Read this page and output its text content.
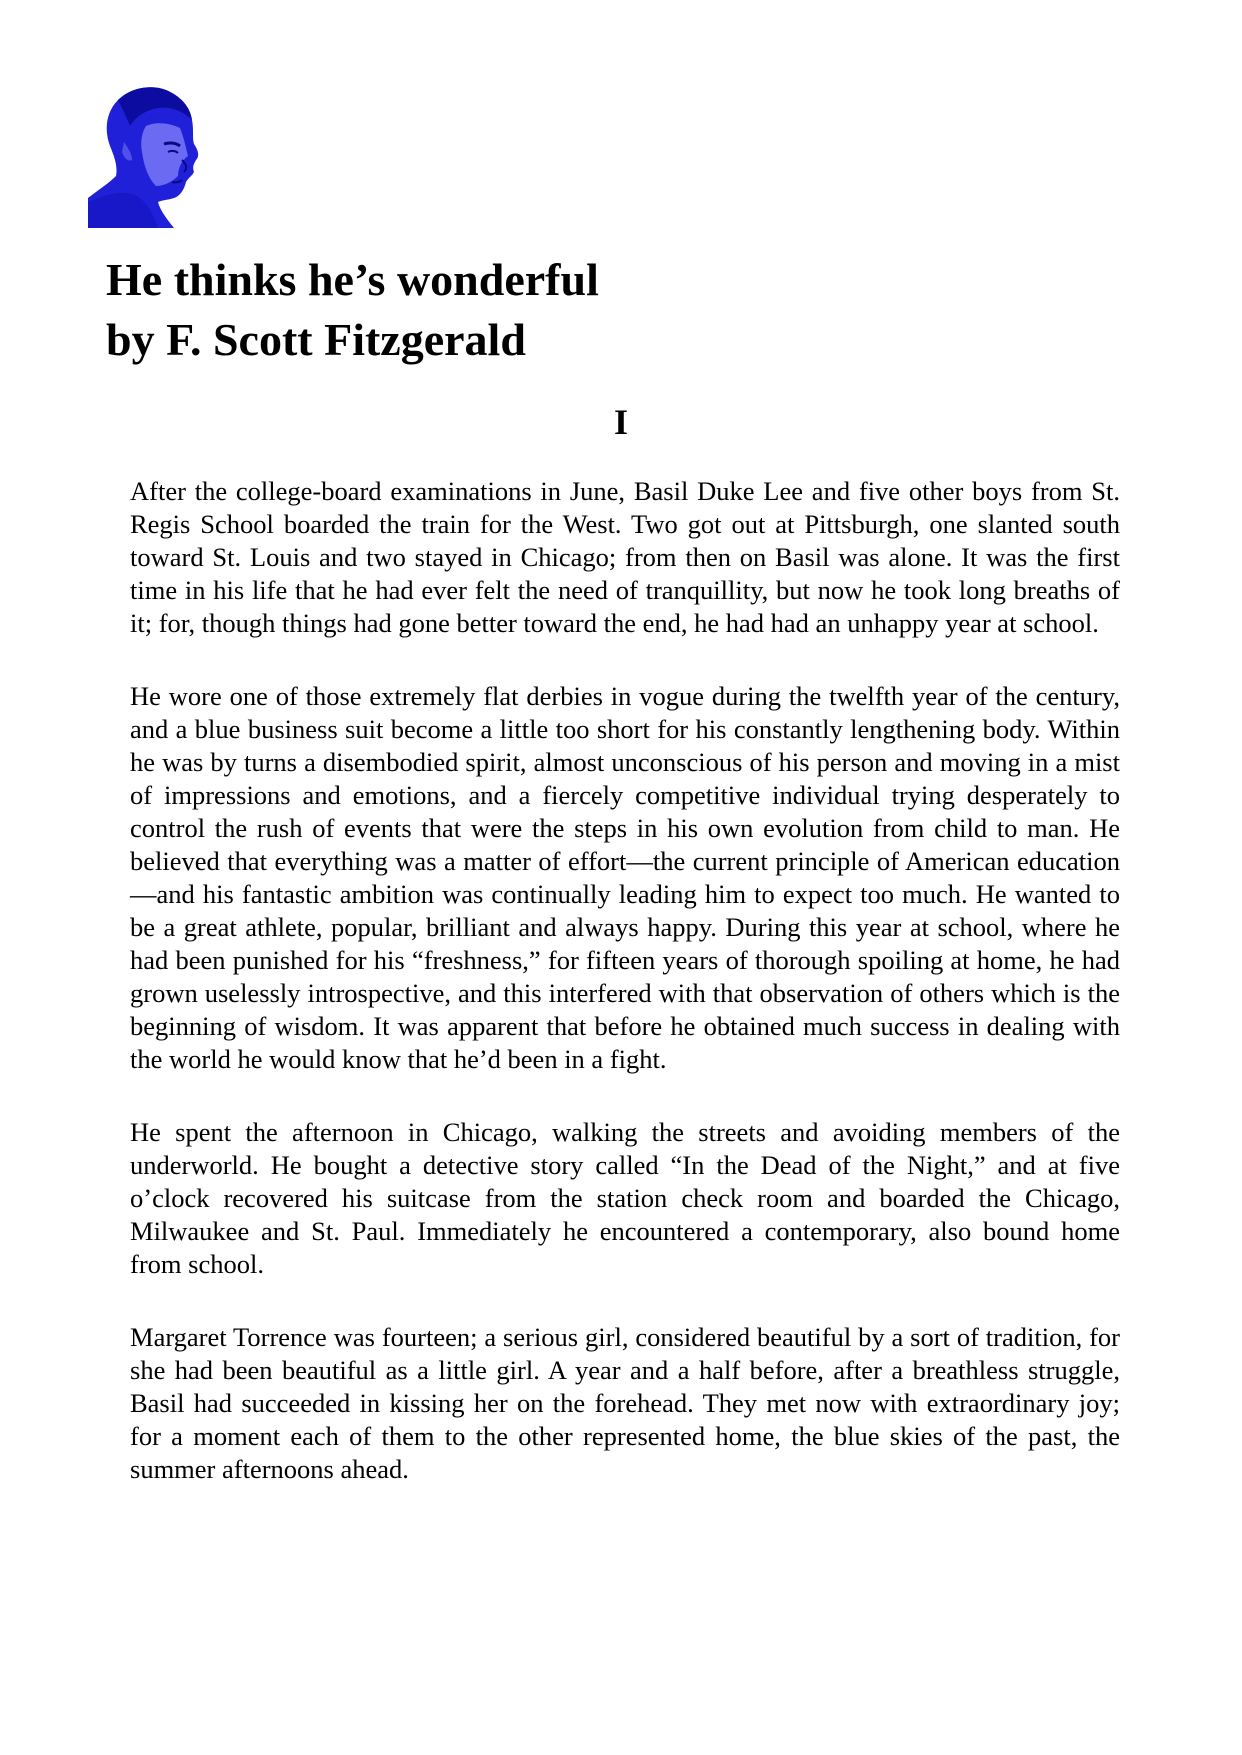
He thinks he’s wonderful
by F. Scott Fitzgerald
I

After the college-board examinations in June, Basil Duke Lee and five other boys from St. Regis School boarded the train for the West. Two got out at Pittsburgh, one slanted south toward St. Louis and two stayed in Chicago; from then on Basil was alone. It was the first time in his life that he had ever felt the need of tranquillity, but now he took long breaths of it; for, though things had gone better toward the end, he had had an unhappy year at school.

He wore one of those extremely flat derbies in vogue during the twelfth year of the century, and a blue business suit become a little too short for his constantly lengthening body. Within he was by turns a disembodied spirit, almost unconscious of his person and moving in a mist of impressions and emotions, and a fiercely competitive individual trying desperately to control the rush of events that were the steps in his own evolution from child to man. He believed that everything was a matter of effort—the current principle of American education—and his fantastic ambition was continually leading him to expect too much. He wanted to be a great athlete, popular, brilliant and always happy. During this year at school, where he had been punished for his “freshness,” for fifteen years of thorough spoiling at home, he had grown uselessly introspective, and this interfered with that observation of others which is the beginning of wisdom. It was apparent that before he obtained much success in dealing with the world he would know that he’d been in a fight.

He spent the afternoon in Chicago, walking the streets and avoiding members of the underworld. He bought a detective story called “In the Dead of the Night,” and at five o’clock recovered his suitcase from the station check room and boarded the Chicago, Milwaukee and St. Paul. Immediately he encountered a contemporary, also bound home from school.

Margaret Torrence was fourteen; a serious girl, considered beautiful by a sort of tradition, for she had been beautiful as a little girl. A year and a half before, after a breathless struggle, Basil had succeeded in kissing her on the forehead. They met now with extraordinary joy; for a moment each of them to the other represented home, the blue skies of the past, the summer afternoons ahead.
